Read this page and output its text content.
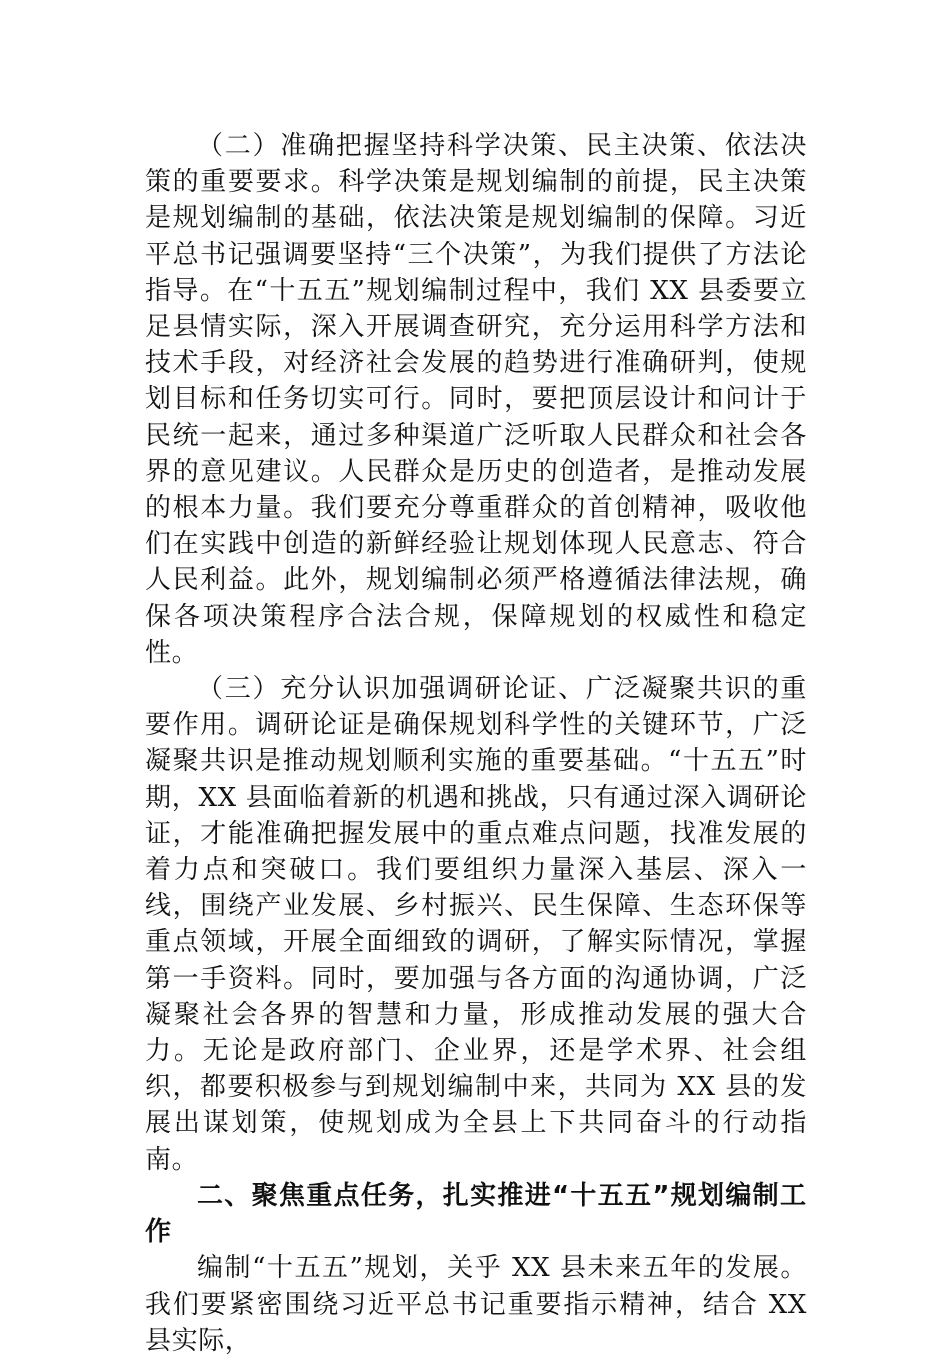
（二）准确把握坚持科学决策、民主决策、依法决策的重要要求。科学决策是规划编制的前提，民主决策是规划编制的基础，依法决策是规划编制的保障。习近平总书记强调要坚持“三个决策”，为我们提供了方法论指导。在“十五五”规划编制过程中，我们 XX 县委要立足县情实际，深入开展调查研究，充分运用科学方法和技术手段，对经济社会发展的趋势进行准确研判，使规划目标和任务切实可行。同时，要把顶层设计和问计于民统一起来，通过多种渠道广泛听取人民群众和社会各界的意见建议。人民群众是历史的创造者，是推动发展的根本力量。我们要充分尊重群众的首创精神，吸收他们在实践中创造的新鲜经验让规划体现人民意志、符合人民利益。此外，规划编制必须严格遵循法律法规，确保各项决策程序合法合规，保障规划的权威性和稳定性。

（三）充分认识加强调研论证、广泛凝聚共识的重要作用。调研论证是确保规划科学性的关键环节，广泛凝聚共识是推动规划顺利实施的重要基础。“十五五”时期，XX 县面临着新的机遇和挑战，只有通过深入调研论证，才能准确把握发展中的重点难点问题，找准发展的着力点和突破口。我们要组织力量深入基层、深入一线，围绕产业发展、乡村振兴、民生保障、生态环保等重点领域，开展全面细致的调研，了解实际情况，掌握第一手资料。同时，要加强与各方面的沟通协调，广泛凝聚社会各界的智慧和力量，形成推动发展的强大合力。无论是政府部门、企业界，还是学术界、社会组织，都要积极参与到规划编制中来，共同为 XX 县的发展出谋划策，使规划成为全县上下共同奋斗的行动指南。

二、聚焦重点任务，扎实推进“十五五”规划编制工作

编制“十五五”规划，关乎 XX 县未来五年的发展。我们要紧密围绕习近平总书记重要指示精神，结合 XX 县实际，
